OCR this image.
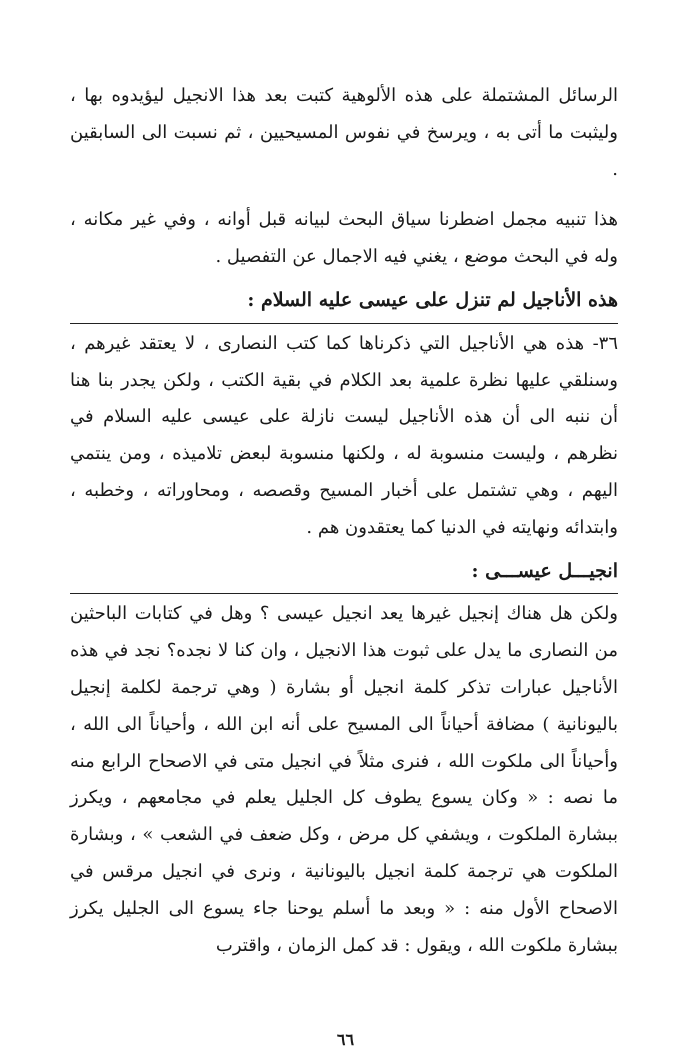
الرسائل المشتملة على هذه الألوهية كتبت بعد هذا الانجيل ليؤيدوه بها ، وليثبت ما أتى به ، ويرسخ في نفوس المسيحيين ، ثم نسبت الى السابقين .

هذا تنبيه مجمل اضطرنا سياق البحث لبيانه قبل أوانه ، وفي غير مكانه ، وله في البحث موضع ، يغني فيه الاجمال عن التفصيل .

هذه الأناجيل لم تنزل على عيسى عليه السلام :

٣٦- هذه هي الأناجيل التي ذكرناها كما كتب النصارى ، لا يعتقد غيرهم ، وسنلقي عليها نظرة علمية بعد الكلام في بقية الكتب ، ولكن يجدر بنا هنا أن ننبه الى أن هذه الأناجيل ليست نازلة على عيسى عليه السلام في نظرهم ، وليست منسوبة له ، ولكنها منسوبة لبعض تلاميذه ، ومن ينتمي اليهم ، وهي تشتمل على أخبار المسيح وقصصه ، ومحاوراته ، وخطبه ، وابتدائه ونهايته في الدنيا كما يعتقدون هم .

انجيـــل عيســـى :

ولكن هل هناك إنجيل غيرها يعد انجيل عيسى ؟ وهل في كتابات الباحثين من النصارى ما يدل على ثبوت هذا الانجيل ، وان كنا لا نجده؟ نجد في هذه الأناجيل عبارات تذكر كلمة انجيل أو بشارة ( وهي ترجمة لكلمة إنجيل باليونانية ) مضافة أحياناً الى المسيح على أنه ابن الله ، وأحياناً الى الله ، وأحياناً الى ملكوت الله ، فنرى مثلاً في انجيل متى في الاصحاح الرابع منه ما نصه : « وكان يسوع يطوف كل الجليل يعلم في مجامعهم ، ويكرز ببشارة الملكوت ، ويشفي كل مرض ، وكل ضعف في الشعب » ، وبشارة الملكوت هي ترجمة كلمة انجيل باليونانية ، ونرى في انجيل مرقس في الاصحاح الأول منه : « وبعد ما أسلم يوحنا جاء يسوع الى الجليل يكرز ببشارة ملكوت الله ، ويقول : قد كمل الزمان ، واقترب

٦٦
